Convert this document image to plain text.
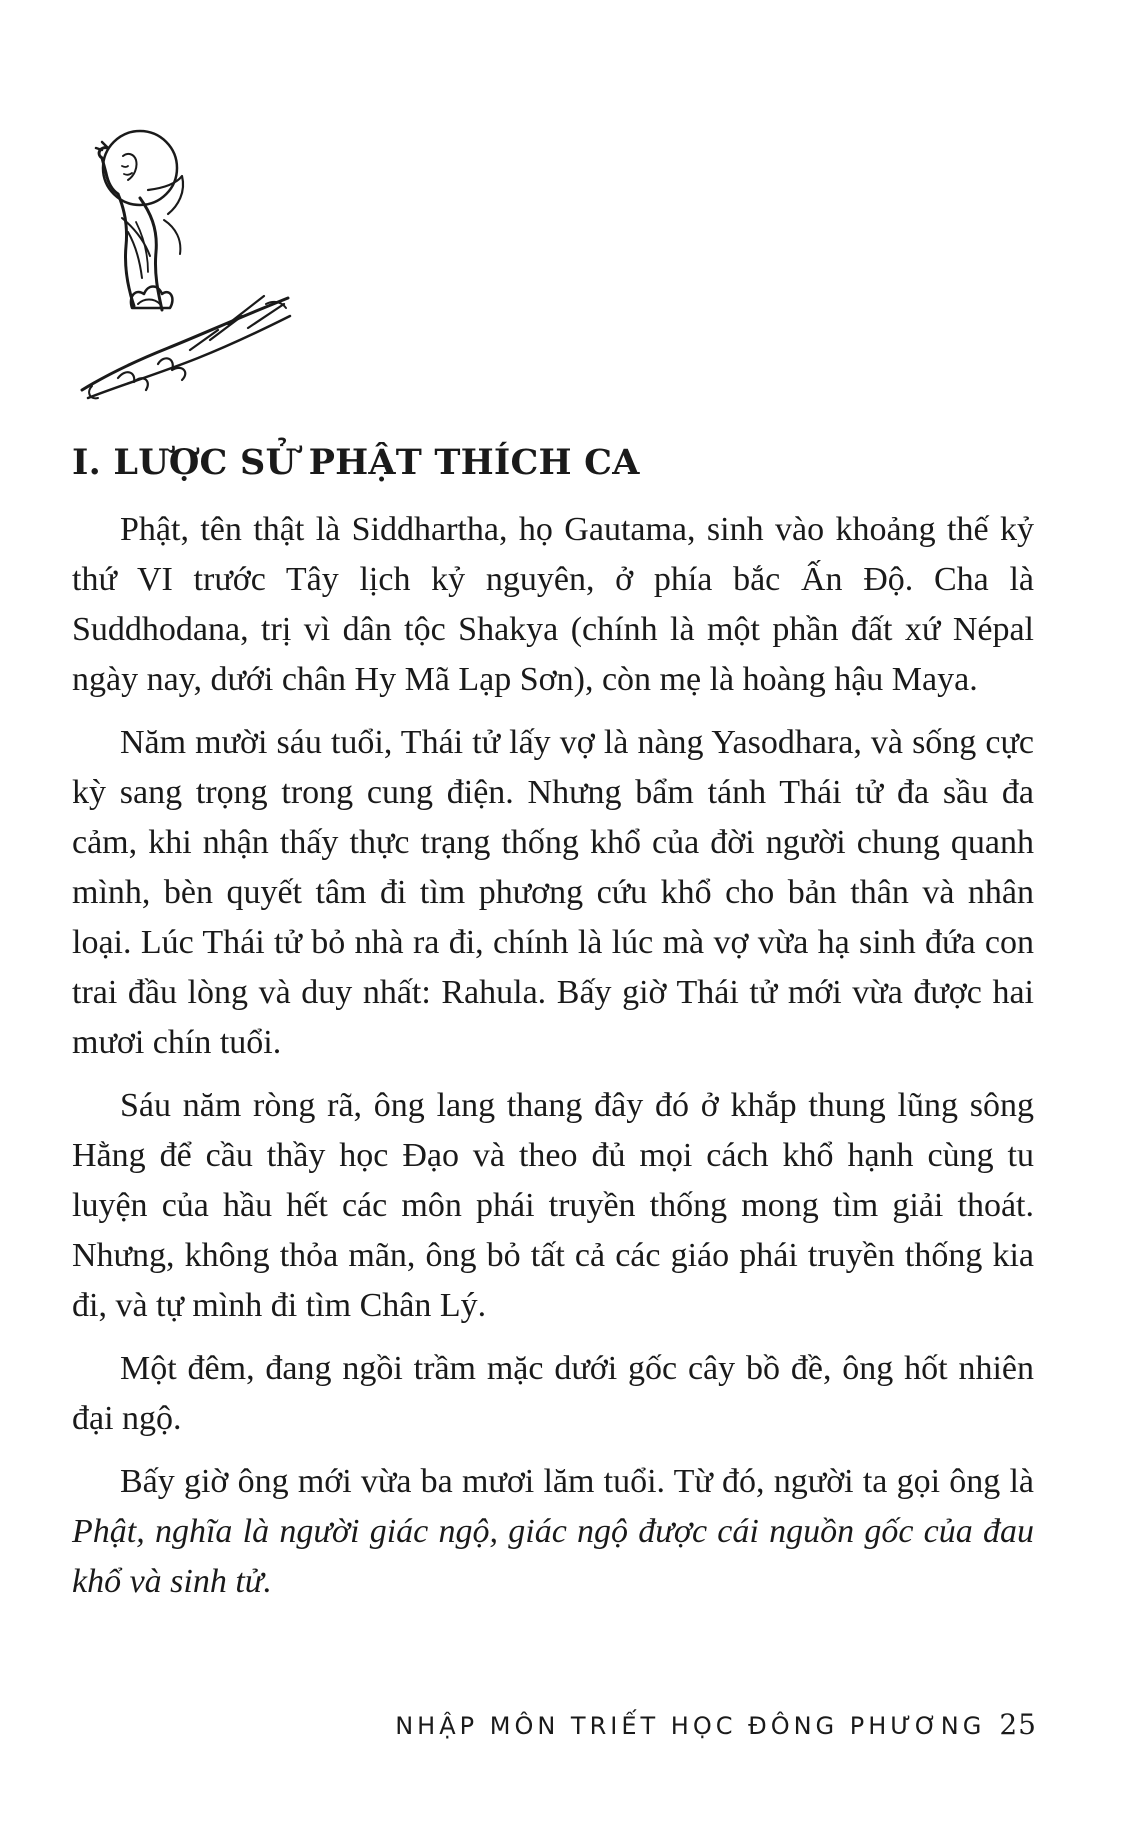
I. LƯỢC SỬ PHẬT THÍCH CA

Phật, tên thật là Siddhartha, họ Gautama, sinh vào khoảng thế kỷ thứ VI trước Tây lịch kỷ nguyên, ở phía bắc Ấn Độ. Cha là Suddhodana, trị vì dân tộc Shakya (chính là một phần đất xứ Népal ngày nay, dưới chân Hy Mã Lạp Sơn), còn mẹ là hoàng hậu Maya.

Năm mười sáu tuổi, Thái tử lấy vợ là nàng Yasodhara, và sống cực kỳ sang trọng trong cung điện. Nhưng bẩm tánh Thái tử đa sầu đa cảm, khi nhận thấy thực trạng thống khổ của đời người chung quanh mình, bèn quyết tâm đi tìm phương cứu khổ cho bản thân và nhân loại. Lúc Thái tử bỏ nhà ra đi, chính là lúc mà vợ vừa hạ sinh đứa con trai đầu lòng và duy nhất: Rahula. Bấy giờ Thái tử mới vừa được hai mươi chín tuổi.

Sáu năm ròng rã, ông lang thang đây đó ở khắp thung lũng sông Hằng để cầu thầy học Đạo và theo đủ mọi cách khổ hạnh cùng tu luyện của hầu hết các môn phái truyền thống mong tìm giải thoát. Nhưng, không thỏa mãn, ông bỏ tất cả các giáo phái truyền thống kia đi, và tự mình đi tìm Chân Lý.

Một đêm, đang ngồi trầm mặc dưới gốc cây bồ đề, ông hốt nhiên đại ngộ.

Bấy giờ ông mới vừa ba mươi lăm tuổi. Từ đó, người ta gọi ông là Phật, nghĩa là người giác ngộ, giác ngộ được cái nguồn gốc của đau khổ và sinh tử.

NHẬP MÔN TRIẾT HỌC ĐÔNG PHƯƠNG 25
